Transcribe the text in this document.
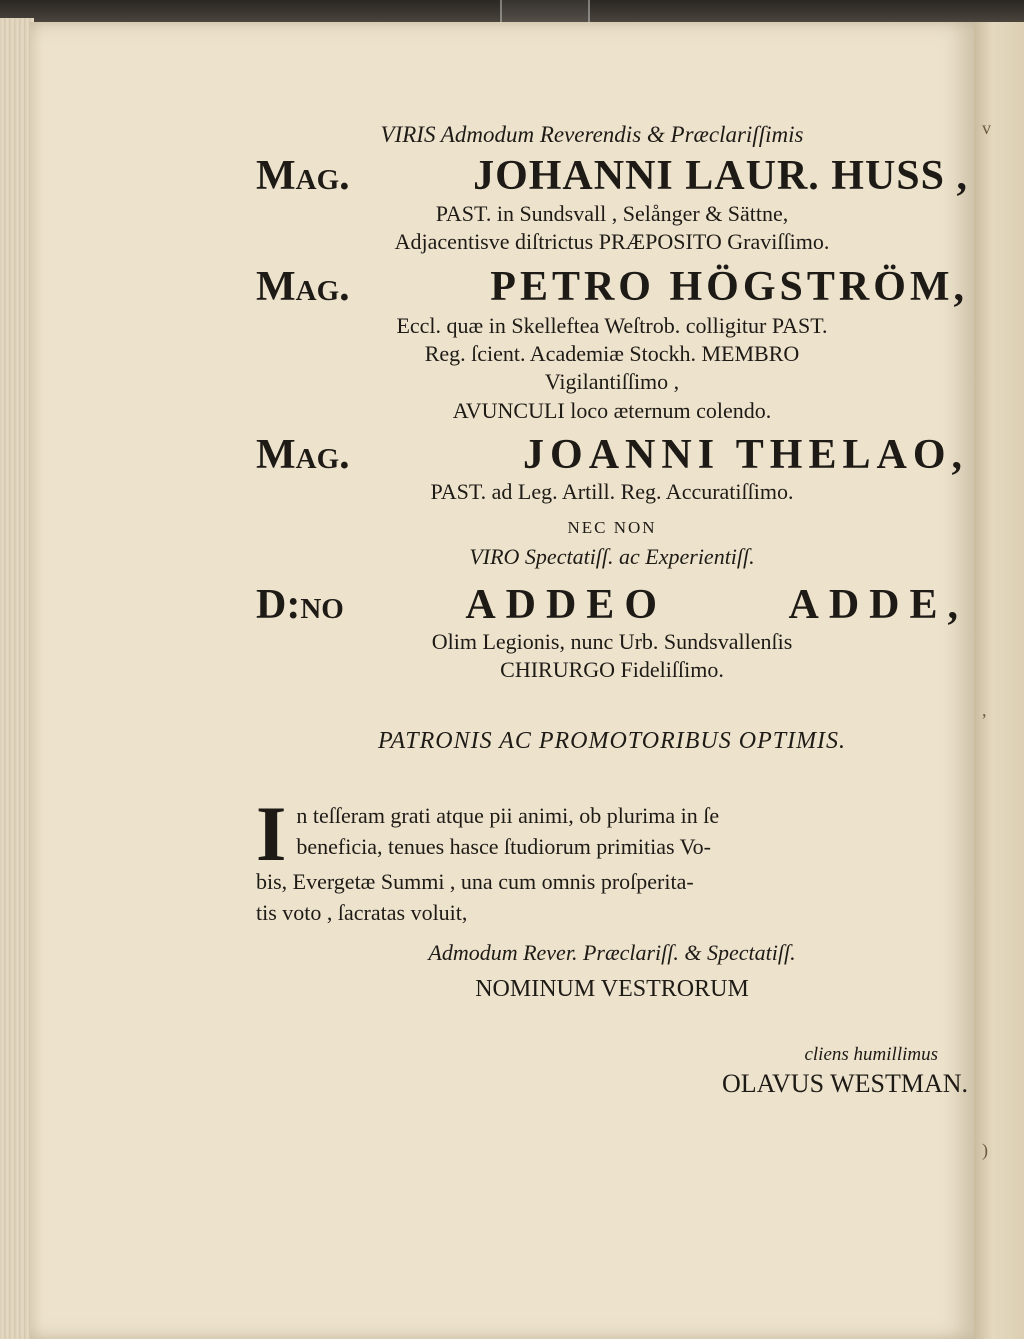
v
,
)
VIRIS Admodum Reverendis & Præclariſſimis
Mag.	JOHANNI LAUR. HUSS ,
PAST. in Sundsvall , Selånger & Sättne,
Adjacentisve diſtrictus PRÆPOSITO Graviſſimo.
Mag.	PETRO HÖGSTRÖM,
Eccl. quæ in Skelleftea Weſtrob. colligitur PAST.
Reg. ſcient. Academiæ Stockh. MEMBRO
Vigilantiſſimo ,
AVUNCULI loco æternum colendo.
Mag.	JOANNI THELAO,
PAST. ad Leg. Artill. Reg. Accuratiſſimo.
NEC NON
VIRO Spectatiſſ. ac Experientiſſ.
D:no	ADDEO	ADDE,
Olim Legionis, nunc Urb. Sundsvallenſis
CHIRURGO Fideliſſimo.
PATRONIS AC PROMOTORIBUS OPTIMIS.
I n teſſeram grati atque pii animi, ob plurima in ſe
beneficia, tenues hasce ſtudiorum primitias Vo-
bis, Evergetæ Summi , una cum omnis proſperita-
tis voto , ſacratas voluit,
Admodum Rever. Præclariſſ. & Spectatiſſ.
NOMINUM VESTRORUM
cliens humillimus
OLAVUS WESTMAN.
